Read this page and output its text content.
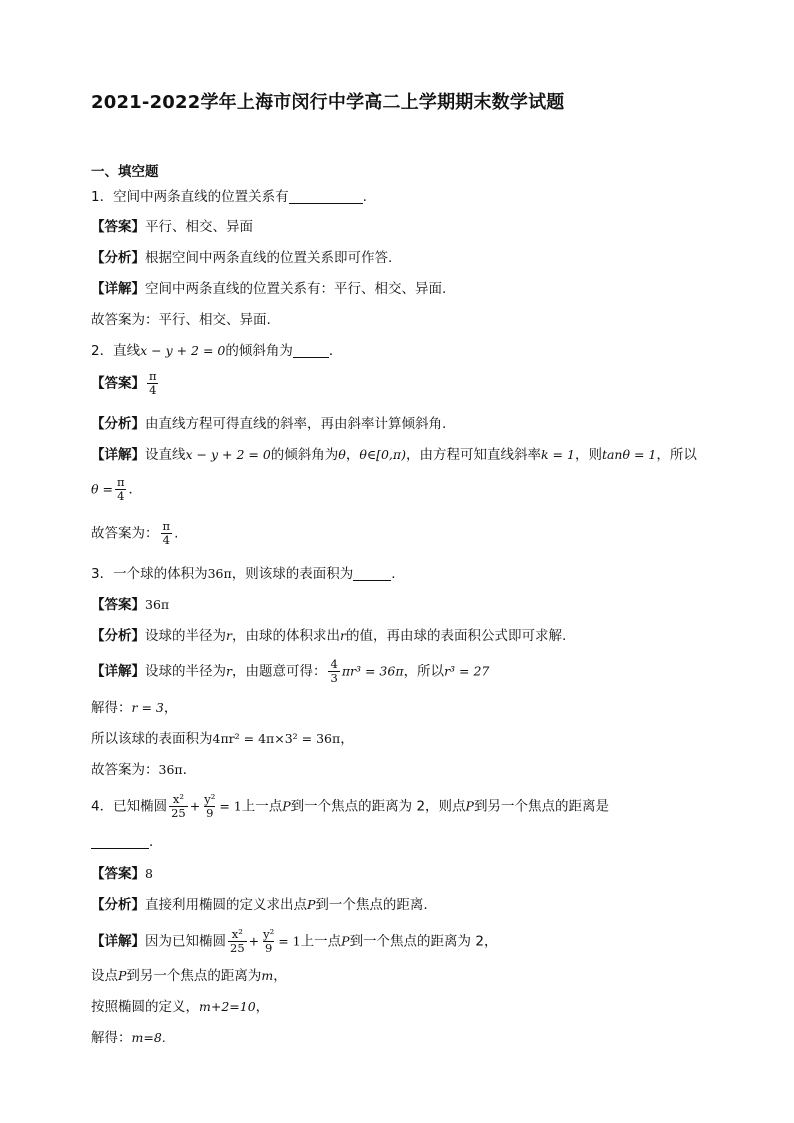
2021-2022学年上海市闵行中学高二上学期期末数学试题
一、填空题
1．空间中两条直线的位置关系有	.
【答案】平行、相交、异面
【分析】根据空间中两条直线的位置关系即可作答.
【详解】空间中两条直线的位置关系有：平行、相交、异面.
故答案为：平行、相交、异面.
2．直线x − y + 2 = 0的倾斜角为	．
【答案】 $\frac{\pi}{4}$
【分析】由直线方程可得直线的斜率，再由斜率计算倾斜角.
【详解】设直线x − y + 2 = 0的倾斜角为θ，θ∈[0,π)，由方程可知直线斜率k = 1，则tanθ = 1，所以
$\theta = \frac{\pi}{4}$ ．
故答案为： $\frac{\pi}{4}$ .
3．一个球的体积为36π，则该球的表面积为	.
【答案】36π
【分析】设球的半径为r，由球的体积求出r的值，再由球的表面积公式即可求解.
【详解】设球的半径为r，由题意可得： $\frac{4}{3} \pi r^3 = 36\pi$，所以r³ = 27
解得：r = 3，
所以该球的表面积为4πr² = 4π×3² = 36π，
故答案为：36π.
4．已知椭圆 $\frac{\text{x²}}{25} + \frac{\text{y²}}{9} = 1$上一点P到一个焦点的距离为 2，则点P到另一个焦点的距离是
．
【答案】8
【分析】直接利用椭圆的定义求出点P到一个焦点的距离.
【详解】因为已知椭圆 $\frac{\text{x²}}{25} + \frac{\text{y²}}{9} = 1$上一点P到一个焦点的距离为 2，
设点P到另一个焦点的距离为m，
按照椭圆的定义，m+2=10，
解得：m=8.
